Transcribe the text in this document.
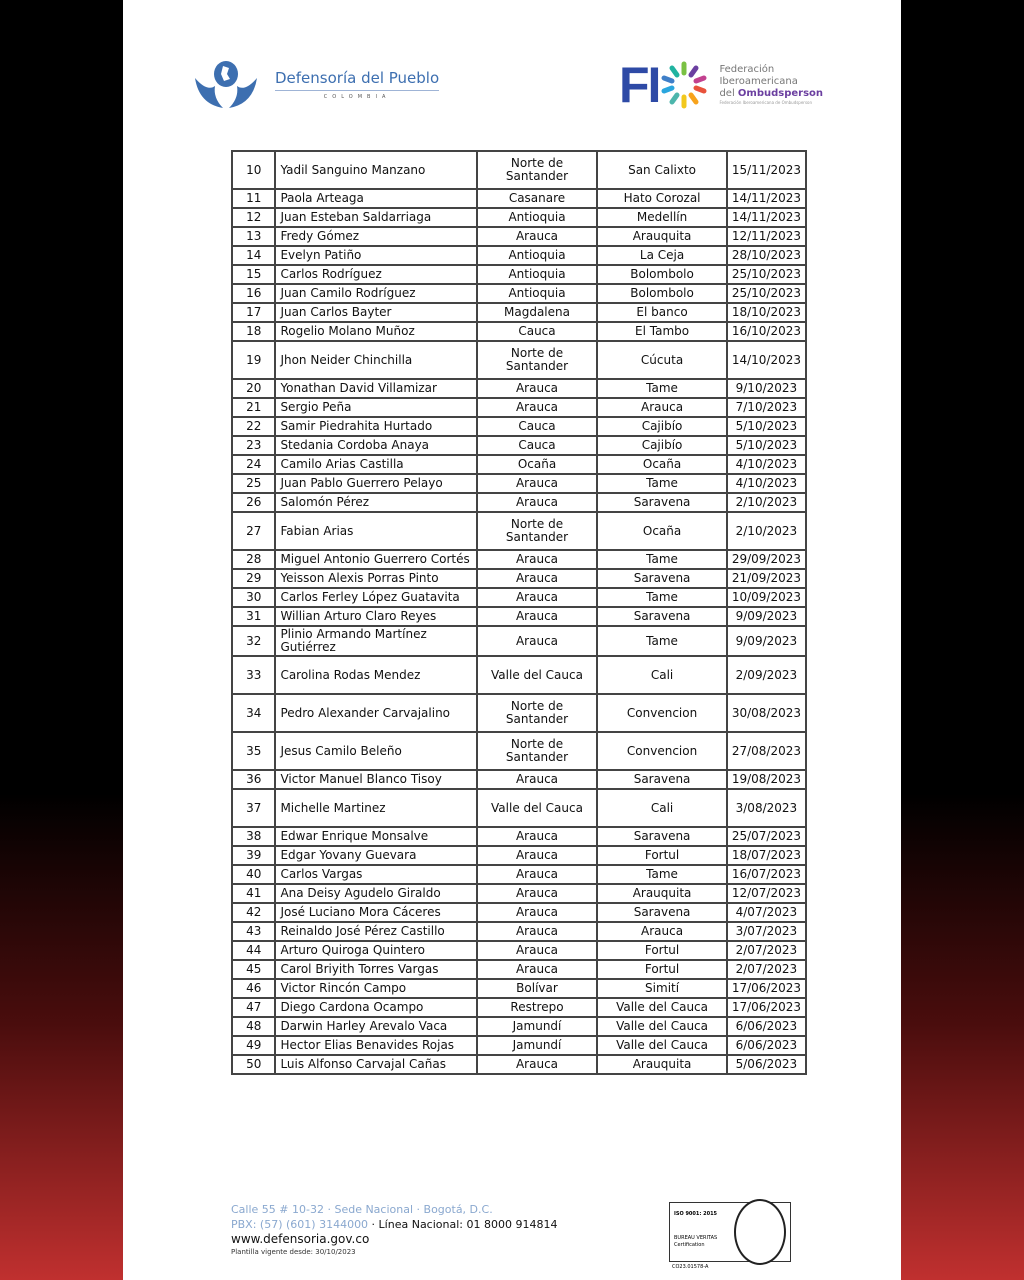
Defensoría del Pueblo
COLOMBIA	FI	Federación
Iberoamericana
del Ombudsperson
Federación Iberoamericana de Ombudsperson
10	Yadil Sanguino Manzano	Norte de Santander	San Calixto	15/11/2023
11	Paola Arteaga	Casanare	Hato Corozal	14/11/2023
12	Juan Esteban Saldarriaga	Antioquia	Medellín	14/11/2023
13	Fredy Gómez	Arauca	Arauquita	12/11/2023
14	Evelyn Patiño	Antioquia	La Ceja	28/10/2023
15	Carlos Rodríguez	Antioquia	Bolombolo	25/10/2023
16	Juan Camilo Rodríguez	Antioquia	Bolombolo	25/10/2023
17	Juan Carlos Bayter	Magdalena	El banco	18/10/2023
18	Rogelio Molano Muñoz	Cauca	El Tambo	16/10/2023
19	Jhon Neider Chinchilla	Norte de Santander	Cúcuta	14/10/2023
20	Yonathan David Villamizar	Arauca	Tame	9/10/2023
21	Sergio Peña	Arauca	Arauca	7/10/2023
22	Samir Piedrahita Hurtado	Cauca	Cajibío	5/10/2023
23	Stedania Cordoba Anaya	Cauca	Cajibío	5/10/2023
24	Camilo Arias Castilla	Ocaña	Ocaña	4/10/2023
25	Juan Pablo Guerrero Pelayo	Arauca	Tame	4/10/2023
26	Salomón Pérez	Arauca	Saravena	2/10/2023
27	Fabian Arias	Norte de Santander	Ocaña	2/10/2023
28	Miguel Antonio Guerrero Cortés	Arauca	Tame	29/09/2023
29	Yeisson Alexis Porras Pinto	Arauca	Saravena	21/09/2023
30	Carlos Ferley López Guatavita	Arauca	Tame	10/09/2023
31	Willian Arturo Claro Reyes	Arauca	Saravena	9/09/2023
32	Plinio Armando Martínez Gutiérrez	Arauca	Tame	9/09/2023
33	Carolina Rodas Mendez	Valle del Cauca	Cali	2/09/2023
34	Pedro Alexander Carvajalino	Norte de Santander	Convencion	30/08/2023
35	Jesus Camilo Beleño	Norte de Santander	Convencion	27/08/2023
36	Victor Manuel Blanco Tisoy	Arauca	Saravena	19/08/2023
37	Michelle Martinez	Valle del Cauca	Cali	3/08/2023
38	Edwar Enrique Monsalve	Arauca	Saravena	25/07/2023
39	Edgar Yovany Guevara	Arauca	Fortul	18/07/2023
40	Carlos Vargas	Arauca	Tame	16/07/2023
41	Ana Deisy Agudelo Giraldo	Arauca	Arauquita	12/07/2023
42	José Luciano Mora Cáceres	Arauca	Saravena	4/07/2023
43	Reinaldo José Pérez Castillo	Arauca	Arauca	3/07/2023
44	Arturo Quiroga Quintero	Arauca	Fortul	2/07/2023
45	Carol Briyith Torres Vargas	Arauca	Fortul	2/07/2023
46	Victor Rincón Campo	Bolívar	Simití	17/06/2023
47	Diego Cardona Ocampo	Restrepo	Valle del Cauca	17/06/2023
48	Darwin Harley Arevalo Vaca	Jamundí	Valle del Cauca	6/06/2023
49	Hector Elias Benavides Rojas	Jamundí	Valle del Cauca	6/06/2023
50	Luis Alfonso Carvajal Cañas	Arauca	Arauquita	5/06/2023
Calle 55 # 10-32 · Sede Nacional · Bogotá, D.C.
PBX: (57) (601) 3144000 · Línea Nacional: 01 8000 914814
www.defensoria.gov.co
Plantilla vigente desde: 30/10/2023
ISO 9001: 2015
BUREAU VERITAS Certification
CO23.01578-A
